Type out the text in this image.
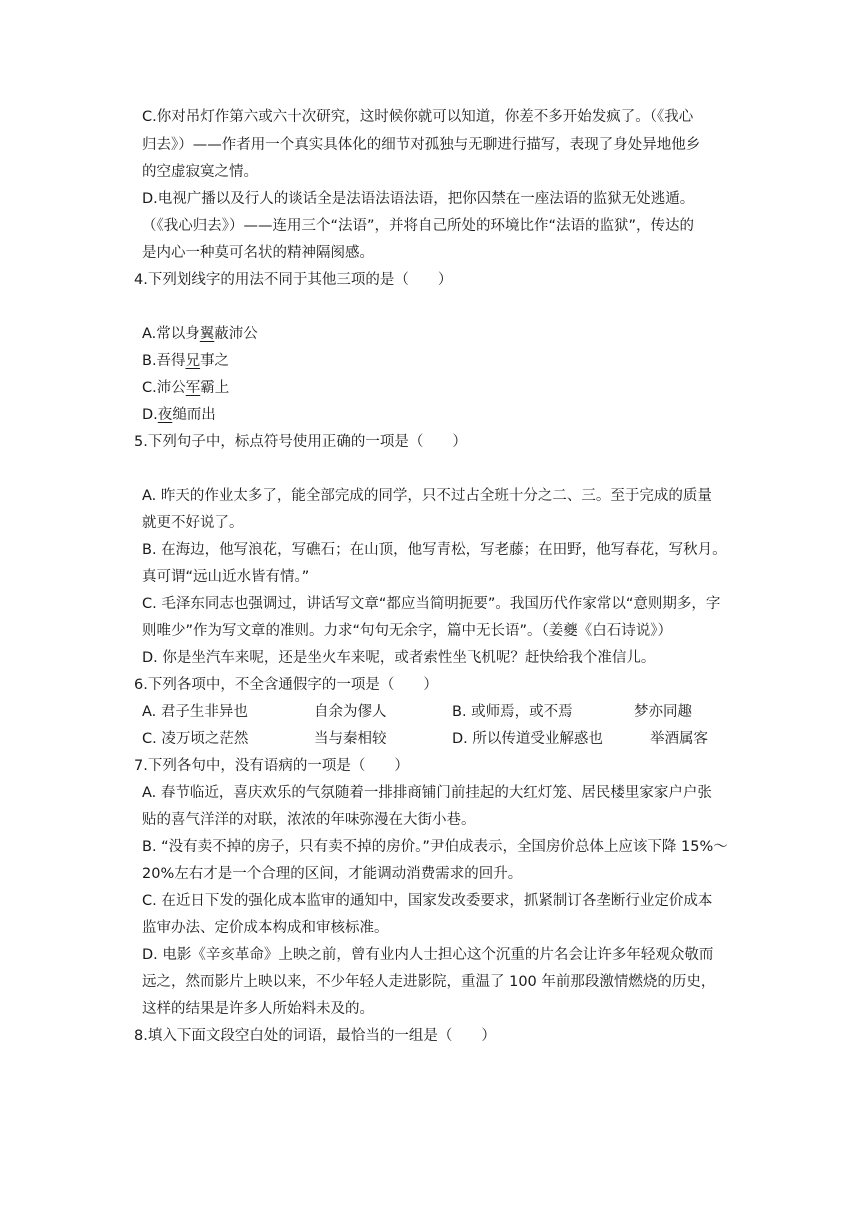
C.你对吊灯作第六或六十次研究，这时候你就可以知道，你差不多开始发疯了。（《我心
归去》）——作者用一个真实具体化的细节对孤独与无聊进行描写，表现了身处异地他乡
的空虚寂寞之情。
D.电视广播以及行人的谈话全是法语法语法语，把你囚禁在一座法语的监狱无处逃遁。
（《我心归去》）——连用三个“法语”，并将自己所处的环境比作“法语的监狱”，传达的
是内心一种莫可名状的精神隔阂感。
4.下列划线字的用法不同于其他三项的是（　　）
A.常以身翼蔽沛公
B.吾得兄事之
C.沛公军霸上
D.夜缒而出
5.下列句子中，标点符号使用正确的一项是（　　）
A. 昨天的作业太多了，能全部完成的同学，只不过占全班十分之二、三。至于完成的质量
就更不好说了。
B. 在海边，他写浪花，写礁石；在山顶，他写青松，写老藤；在田野，他写春花，写秋月。
真可谓“远山近水皆有情。”
C. 毛泽东同志也强调过，讲话写文章“都应当简明扼要”。我国历代作家常以“意则期多，字
则唯少”作为写文章的准则。力求“句句无余字，篇中无长语”。（姜夔《白石诗说》）
D. 你是坐汽车来呢，还是坐火车来呢，或者索性坐飞机呢？赶快给我个准信儿。
6.下列各项中，不全含通假字的一项是（　　）
A. 君子生非异也	自余为僇人	B. 或师焉，或不焉	梦亦同趣
C. 凌万顷之茫然	当与秦相较	D. 所以传道受业解惑也	举酒属客
7.下列各句中，没有语病的一项是（　　）
A. 春节临近，喜庆欢乐的气氛随着一排排商铺门前挂起的大红灯笼、居民楼里家家户户张
贴的喜气洋洋的对联，浓浓的年味弥漫在大街小巷。
B. “没有卖不掉的房子，只有卖不掉的房价。”尹伯成表示，全国房价总体上应该下降 15%～
20%左右才是一个合理的区间，才能调动消费需求的回升。
C. 在近日下发的强化成本监审的通知中，国家发改委要求，抓紧制订各垄断行业定价成本
监审办法、定价成本构成和审核标准。
D. 电影《辛亥革命》上映之前，曾有业内人士担心这个沉重的片名会让许多年轻观众敬而
远之，然而影片上映以来，不少年轻人走进影院，重温了 100 年前那段激情燃烧的历史，
这样的结果是许多人所始料未及的。
8.填入下面文段空白处的词语，最恰当的一组是（　　）
